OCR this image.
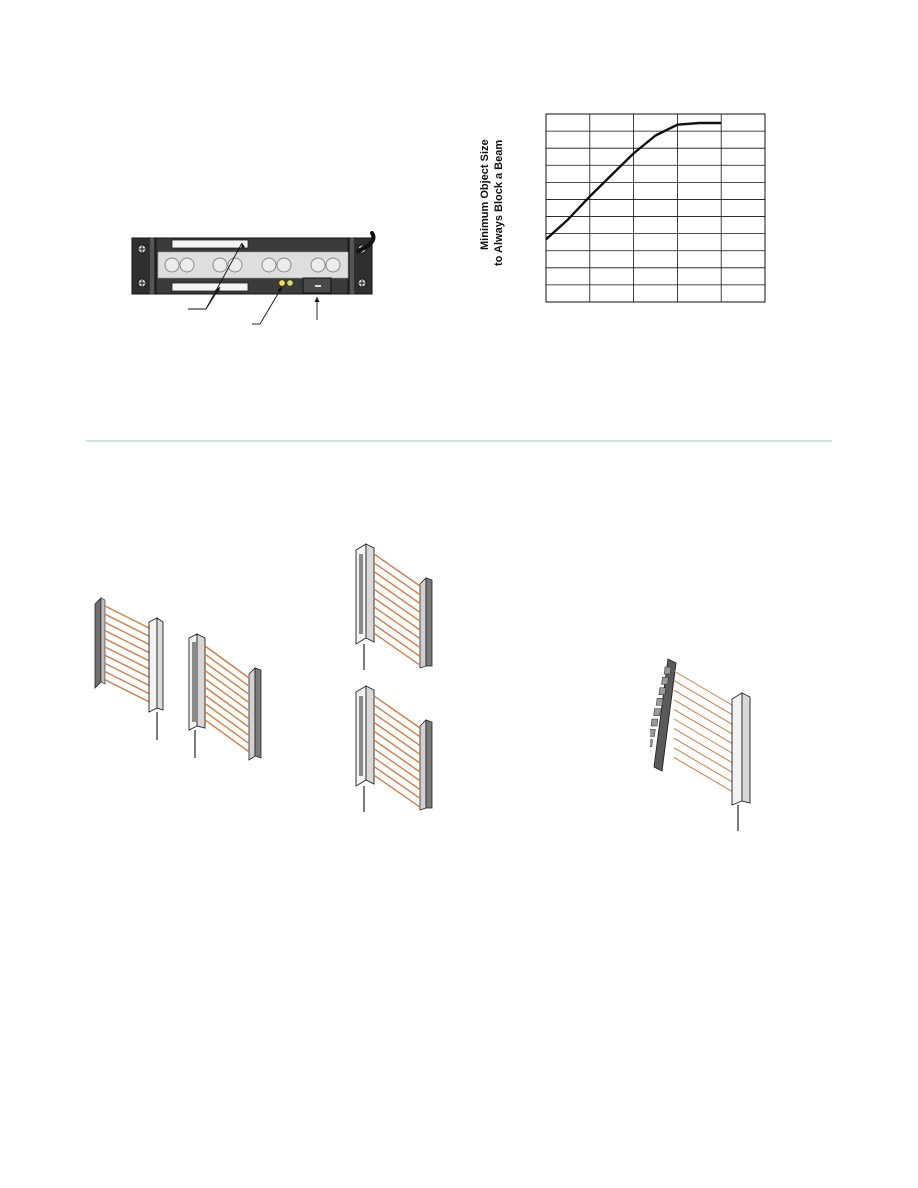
Minimum Object Size to Always Block a Beam
